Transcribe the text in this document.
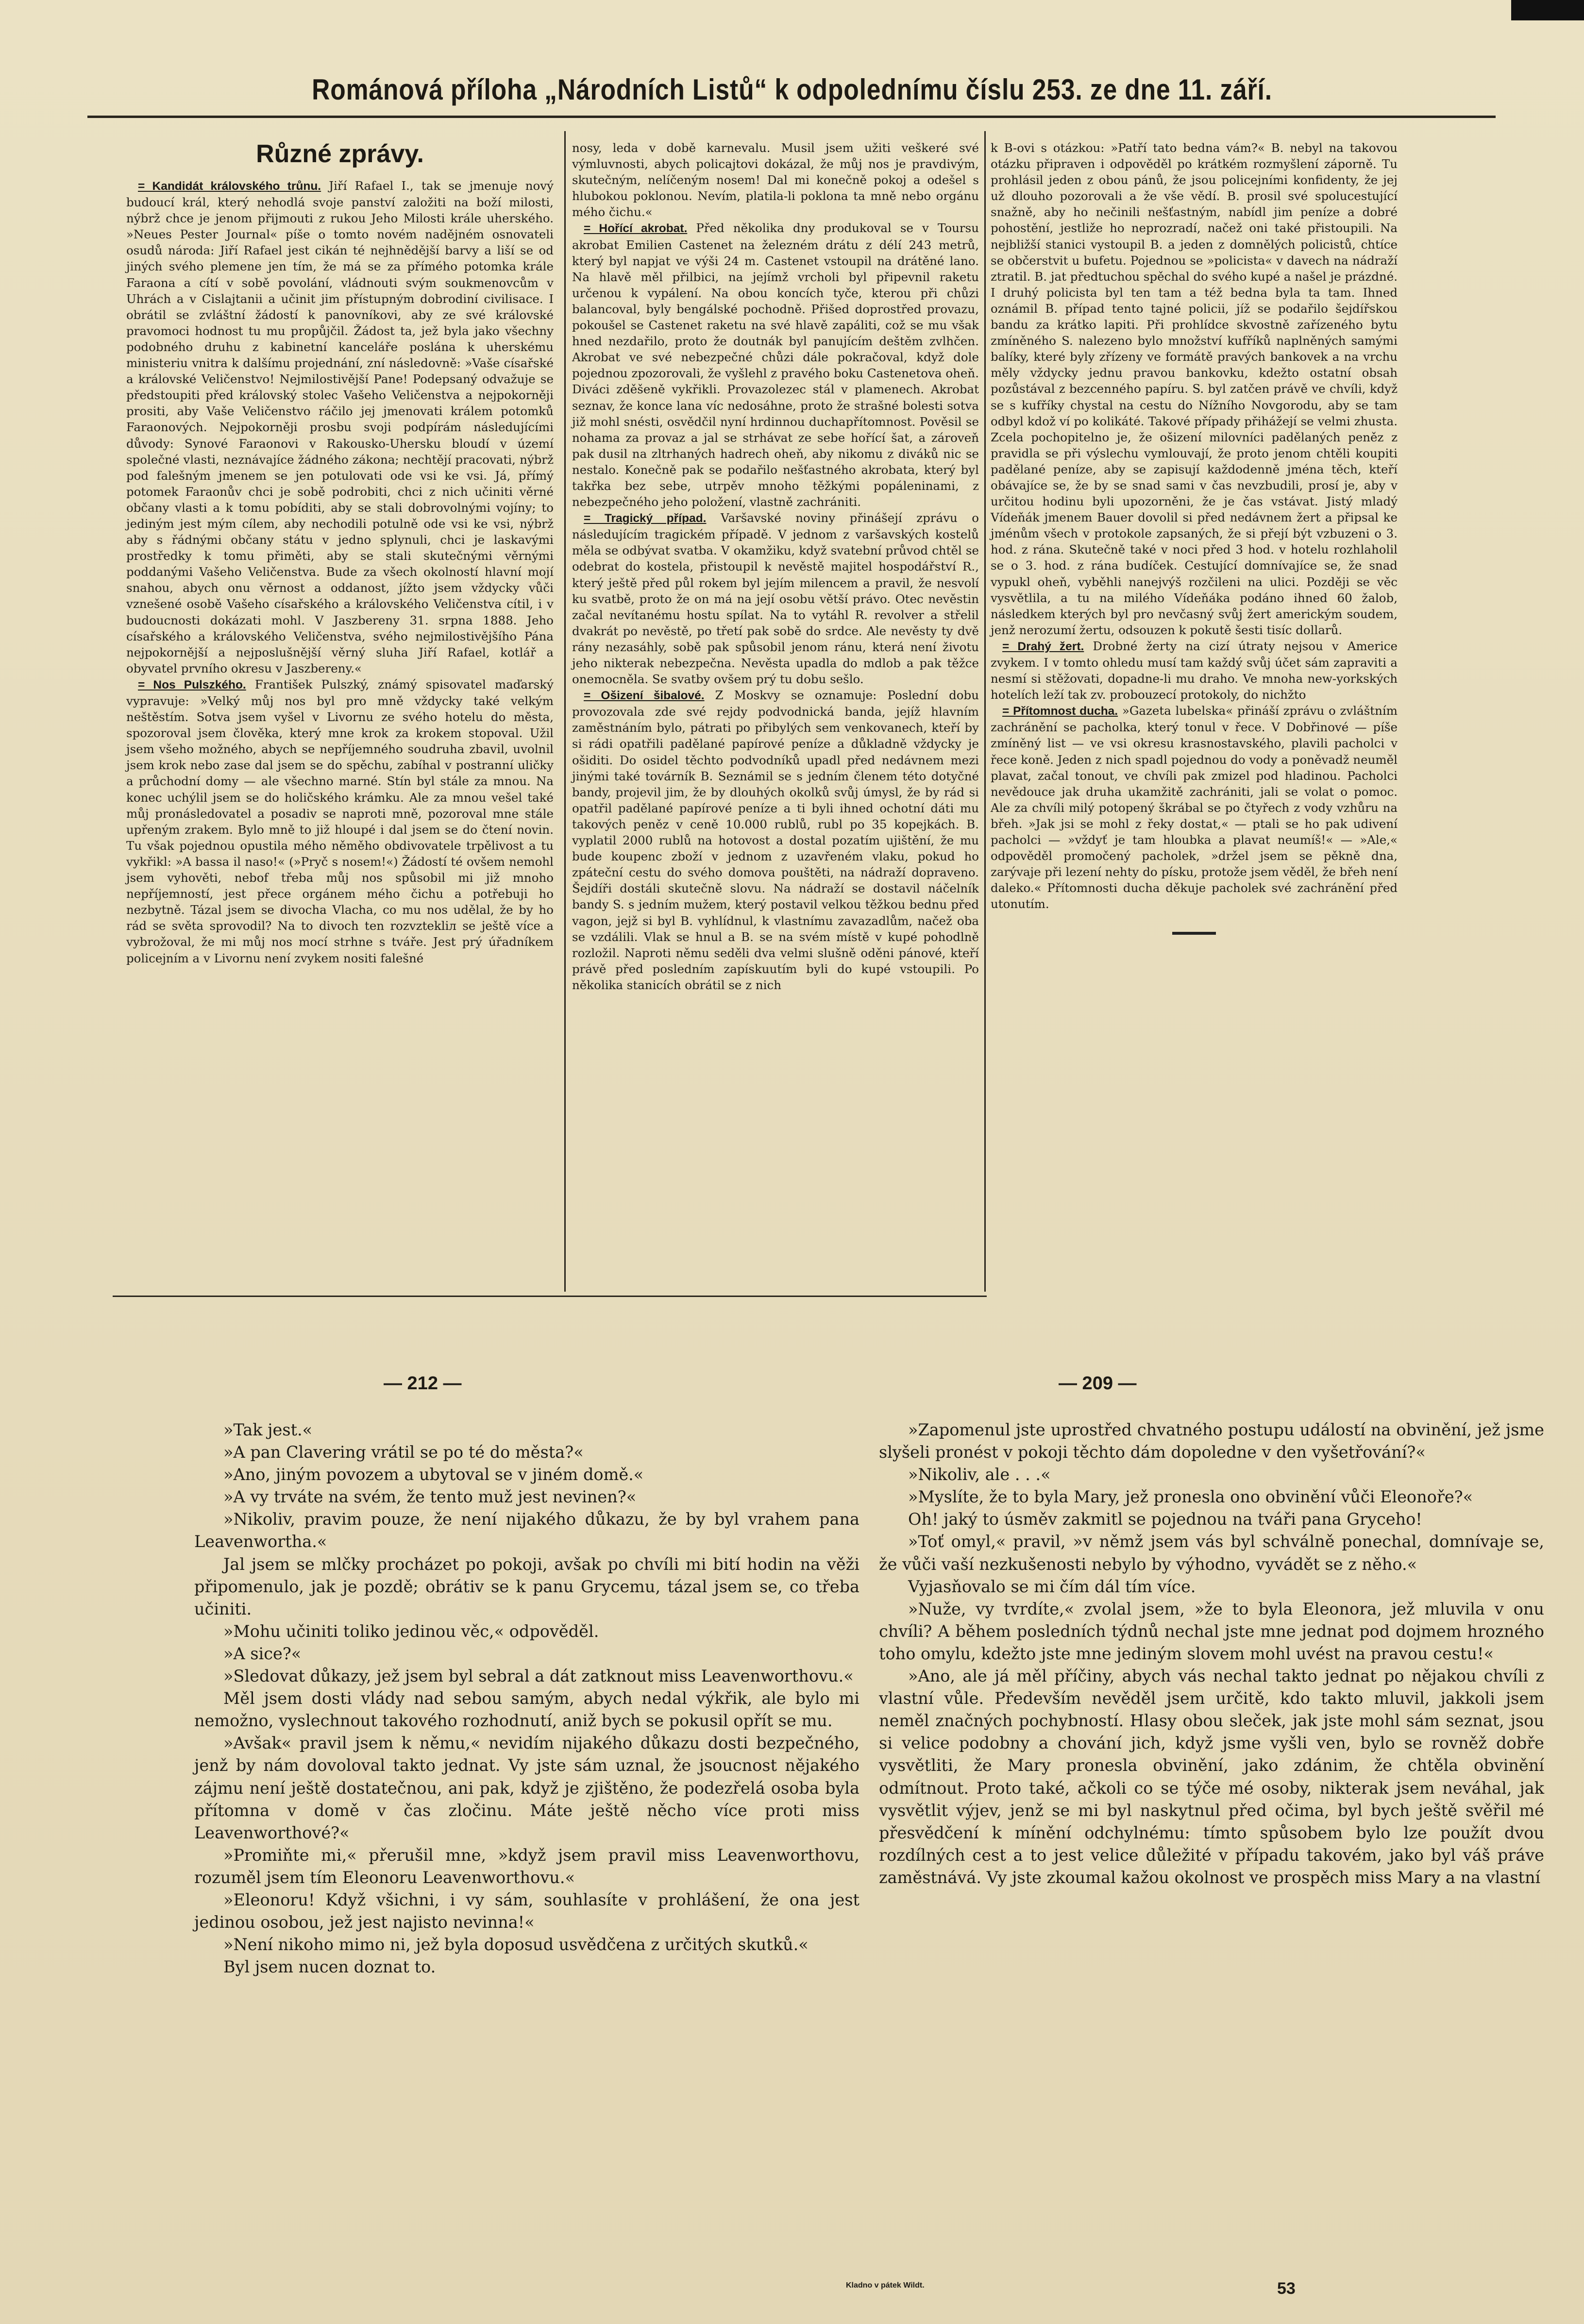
Románová příloha „Národních Listů“ k odpolednímu číslu 253. ze dne 11. září.

Různé zprávy.

= Kandidát královského trůnu. Jiří Rafael I., tak se jmenuje nový budoucí král, který nehodlá svoje panství založiti na boží milosti, nýbrž chce je jenom přijmouti z rukou Jeho Milosti krále uherského. »Neues Pester Journal« píše o tomto novém nadějném osnovateli osudů národa: Jiří Rafael jest cikán té nejhnědější barvy a liší se od jiných svého plemene jen tím, že má se za přímého potomka krále Faraona a cítí v sobě povolání, vládnouti svým soukmenovcům v Uhrách a v Cislajtanii a učinit jim přístupným dobrodiní civilisace. I obrátil se zvláštní žádostí k panovníkovi, aby ze své královské pravomoci hodnost tu mu propůjčil. Žádost ta, jež byla jako všechny podobného druhu z kabinetní kanceláře poslána k uherskému ministeriu vnitra k dalšímu projednání, zní následovně: »Vaše císařské a královské Veličenstvo! Nejmilostivější Pane! Podepsaný odvažuje se předstoupiti před královský stolec Vašeho Veličenstva a nejpokorněji prositi, aby Vaše Veličenstvo ráčilo jej jmenovati králem potomků Faraonových. Nejpokorněji prosbu svoji podpírám následujícími důvody: Synové Faraonovi v Rakousko-Uhersku bloudí v území společné vlasti, neznávajíce žádného zákona; nechtějí pracovati, nýbrž pod falešným jmenem se jen potulovati ode vsi ke vsi. Já, přímý potomek Faraonův chci je sobě podrobiti, chci z nich učiniti věrné občany vlasti a k tomu pobíditi, aby se stali dobrovolnými vojíny; to jediným jest mým cílem, aby nechodili potulně ode vsi ke vsi, nýbrž aby s řádnými občany státu v jedno splynuli, chci je laskavými prostředky k tomu přiměti, aby se stali skutečnými věrnými poddanými Vašeho Veličenstva. Bude za všech okolností hlavní mojí snahou, abych onu věrnost a oddanost, jížto jsem vždycky vůči vznešené osobě Vašeho císařského a královského Veličenstva cítil, i v budoucnosti dokázati mohl. V Jaszbereny 31. srpna 1888. Jeho císařského a královského Veličenstva, svého nejmilostivějšího Pána nejpokornější a nejposlušnější věrný sluha Jiří Rafael, kotlář a obyvatel prvního okresu v Jaszbereny.«

= Nos Pulszkého. František Pulszký, známý spisovatel maďarský vypravuje: »Velký můj nos byl pro mně vždycky také velkým neštěstím. Sotva jsem vyšel v Livornu ze svého hotelu do města, spozoroval jsem člověka, který mne krok za krokem stopoval. Užil jsem všeho možného, abych se nepříjemného soudruha zbavil, uvolnil jsem krok nebo zase dal jsem se do spěchu, zabíhal v postranní uličky a průchodní domy — ale všechno marné. Stín byl stále za mnou. Na konec uchýlil jsem se do holičského krámku. Ale za mnou vešel také můj pronásledovatel a posadiv se naproti mně, pozoroval mne stále upřeným zrakem. Bylo mně to již hloupé i dal jsem se do čtení novin. Tu však pojednou opustila mého něměho obdivovatele trpělivost a tu vykřikl: »A bassa il naso!« (»Pryč s nosem!«) Žádostí té ovšem nemohl jsem vyhověti, nebof třeba můj nos spůsobil mi již mnoho nepříjemností, jest přece orgánem mého čichu a potřebuji ho nezbytně. Tázal jsem se divocha Vlacha, co mu nos udělal, že by ho rád se světa sprovodil? Na to divoch ten rozvztekliл se ještě více a vybrožoval, že mi můj nos mocí strhne s tváře. Jest prý úřadníkem policejním a v Livornu není zvykem nositi falešné

nosy, leda v době karnevalu. Musil jsem užiti veškeré své výmluvnosti, abych policajtovi dokázal, že můj nos je pravdivým, skutečným, nelíčeným nosem! Dal mi konečně pokoj a odešel s hlubokou poklonou. Nevím, platila-li poklona ta mně nebo orgánu mého čichu.«

= Hořící akrobat. Před několika dny produkoval se v Toursu akrobat Emilien Castenet na železném drátu z délí 243 metrů, který byl napjat ve výši 24 m. Castenet vstoupil na drátěné lano. Na hlavě měl přilbici, na jejímž vrcholi byl připevnil raketu určenou k vypálení. Na obou koncích tyče, kterou při chůzi balancoval, byly bengálské pochodně. Přišed doprostřed provazu, pokoušel se Castenet raketu na své hlavě zapáliti, což se mu však hned nezdařilo, proto že doutnák byl panujícím deštěm zvlhčen. Akrobat ve své nebezpečné chůzi dále pokračoval, když dole pojednou zpozorovali, že vyšlehl z pravého boku Castenetova oheň. Diváci zděšeně vykřikli. Provazolezec stál v plamenech. Akrobat seznav, že konce lana víc nedosáhne, proto že strašné bolesti sotva již mohl snésti, osvědčil nyní hrdinnou duchapřítomnost. Pověsil se nohama za provaz a jal se strhávat ze sebe hořící šat, a zároveň pak dusil na zltrhaných hadrech oheň, aby nikomu z diváků nic se nestalo. Konečně pak se podařilo nešťastného akrobata, který byl takřka bez sebe, utrpěv mnoho těžkými popáleninami, z nebezpečného jeho položení, vlastně zachrániti.

= Tragický případ. Varšavské noviny přinášejí zprávu o následujícím tragickém případě. V jednom z varšavských kostelů měla se odbývat svatba. V okamžiku, když svatební průvod chtěl se odebrat do kostela, přistoupil k nevěstě majitel hospodářství R., který ještě před půl rokem byl jejím milencem a pravil, že nesvolí ku svatbě, proto že on má na její osobu větší právo. Otec nevěstin začal nevítanému hostu spílat. Na to vytáhl R. revolver a střelil dvakrát po nevěstě, po třetí pak sobě do srdce. Ale nevěsty ty dvě rány nezasáhly, sobě pak spůsobil jenom ránu, která není životu jeho nikterak nebezpečna. Nevěsta upadla do mdlob a pak těžce onemocněla. Se svatby ovšem prý tu dobu sešlo.

= Ošizení šibalové. Z Moskvy se oznamuje: Poslední dobu provozovala zde své rejdy podvodnická banda, jejíž hlavním zaměstnáním bylo, pátrati po přibylých sem venkovanech, kteří by si rádi opatřili padělané papírové peníze a důkladně vždycky je ošiditi. Do osidel těchto podvodníků upadl před nedávnem mezi jinými také továrník B. Seznámil se s jedním členem této dotyčné bandy, projevil jim, že by dlouhých okolků svůj úmysl, že by rád si opatřil padělané papírové peníze a ti byli ihned ochotní dáti mu takových peněz v ceně 10.000 rublů, rubl po 35 kopejkách. B. vyplatil 2000 rublů na hotovost a dostal pozatím ujištění, že mu bude koupenc zboží v jednom z uzavřeném vlaku, pokud ho zpáteční cestu do svého domova pouštěti, na nádraží dopraveno. Šejdíři dostáli skutečně slovu. Na nádraží se dostavil náčelník bandy S. s jedním mužem, který postavil velkou těžkou bednu před vagon, jejž si byl B. vyhlídnul, k vlastnímu zavazadlům, načež oba se vzdálili. Vlak se hnul a B. se na svém místě v kupé pohodlně rozložil. Naproti němu seděli dva velmi slušně oděni pánové, kteří právě před posledním zapískuutím byli do kupé vstoupili. Po několika stanicích obrátil se z nich

k B-ovi s otázkou: »Patří tato bedna vám?« B. nebyl na takovou otázku připraven i odpověděl po krátkém rozmyšlení záporně. Tu prohlásil jeden z obou pánů, že jsou policejními konfidenty, že jej už dlouho pozorovali a že vše vědí. B. prosil své spolucestující snažně, aby ho nečinili nešťastným, nabídl jim peníze a dobré pohostění, jestliže ho neprozradí, načež oni také přistoupili. Na nejbližší stanici vystoupil B. a jeden z domnělých policistů, chtíce se občerstvit u bufetu. Pojednou se »policista« v davech na nádraží ztratil. B. jat předtuchou spěchal do svého kupé a našel je prázdné. I druhý policista byl ten tam a též bedna byla ta tam. Ihned oznámil B. případ tento tajné policii, jíž se podařilo šejdířskou bandu za krátko lapiti. Při prohlídce skvostně zařízeného bytu zmíněného S. nalezeno bylo množství kufříků naplněných samými balíky, které byly zřízeny ve formátě pravých bankovek a na vrchu měly vždycky jednu pravou bankovku, kdežto ostatní obsah pozůstával z bezcenného papíru. S. byl zatčen právě ve chvíli, když se s kufříky chystal na cestu do Nížního Novgorodu, aby se tam odbyl kdož ví po kolikáté. Takové případy přihážejí se velmi zhusta. Zcela pochopitelno je, že ošizení milovníci padělaných peněz z pravidla se při výslechu vymlouvají, že proto jenom chtěli koupiti padělané peníze, aby se zapisují každodenně jména těch, kteří obávajíce se, že by se snad sami v čas nevzbudili, prosí je, aby v určitou hodinu byli upozorněni, že je čas vstávat. Jistý mladý Vídeňák jmenem Bauer dovolil si před nedávnem žert a připsal ke jménům všech v protokole zapsaných, že si přejí být vzbuzeni o 3. hod. z rána. Skutečně také v noci před 3 hod. v hotelu rozhlaholil se o 3. hod. z rána budíček. Cestující domnívajíce se, že snad vypukl oheň, vyběhli nanejvýš rozčileni na ulici. Později se věc vysvětlila, a tu na milého Vídeňáka podáno ihned 60 žalob, následkem kterých byl pro nevčasný svůj žert americkým soudem, jenž nerozumí žertu, odsouzen k pokutě šesti tisíc dollarů.

= Drahý žert. Drobné žerty na cizí útraty nejsou v Americe zvykem. I v tomto ohledu musí tam každý svůj účet sám zapraviti a nesmí si stěžovati, dopadne-li mu draho. Ve mnoha new-yorkských hotelích leží tak zv. probouzecí protokoly, do nichžto

= Přítomnost ducha. »Gazeta lubelska« přináší zprávu o zvláštním zachránění se pacholka, který tonul v řece. V Dobřinové — píše zmíněný list — ve vsi okresu krasnostavského, plavili pacholci v řece koně. Jeden z nich spadl pojednou do vody a poněvadž neuměl plavat, začal tonout, ve chvíli pak zmizel pod hladinou. Pacholci nevědouce jak druha ukamžitě zachrániti, jali se volat o pomoc. Ale za chvíli milý potopený škrábal se po čtyřech z vody vzhůru na břeh. »Jak jsi se mohl z řeky dostat,« — ptali se ho pak udivení pacholci — »vždyť je tam hloubka a plavat neumíš!« — »Ale,« odpověděl promočený pacholek, »držel jsem se pěkně dna, zarývaje při lezení nehty do písku, protože jsem věděl, že břeh není daleko.« Přítomnosti duchа děkuje pacholek své zachránění před utonutím.

— 212 —	— 209 —

»Tak jest.«

»A pan Clavering vrátil se po té do města?«

»Ano, jiným povozem a ubytoval se v jiném domě.«

»A vy trváte na svém, že tento muž jest nevinen?«

»Nikoliv, pravim pouze, že není nijakého důkazu, že by byl vrahem pana Leavenwortha.«

Jal jsem se mlčky procházet po pokoji, avšak po chvíli mi bití hodin na věži připomenulo, jak je pozdě; obrátiv se k panu Grycemu, tázal jsem se, co třeba učiniti.

»Mohu učiniti toliko jedinou věc,« odpověděl.

»A sice?«

»Sledovat důkazy, jež jsem byl sebral a dát zatknout miss Leavenworthovu.«

Měl jsem dosti vlády nad sebou samým, abych nedal výkřik, ale bylo mi nemožno, vyslechnout takového rozhodnutí, aniž bych se pokusil opřít se mu.

»Avšak« pravil jsem k němu,« nevidím nijakého důkazu dosti bezpečného, jenž by nám dovoloval takto jednat. Vy jste sám uznal, že jsoucnost nějakého zájmu není ještě dostatečnou, ani pak, když je zjištěno, že podezřelá osoba byla přítomna v domě v čas zločinu. Máte ještě něcho více proti miss Leavenworthové?«

»Promiňte mi,« přerušil mne, »když jsem pravil miss Leavenworthovu, rozuměl jsem tím Eleonoru Leavenworthovu.«

»Eleonoru! Když všichni, i vy sám, souhlasíte v prohlášení, že ona jest jedinou osobou, jež jest najisto nevinna!«

»Není nikoho mimo ni, jež byla doposud usvědčena z určitých skutků.«

Byl jsem nucen doznat to.

»Zapomenul jste uprostřed chvatného postupu událostí na obvinění, jež jsme slyšeli pronést v pokoji těchto dám dopoledne v den vyšetřování?«

»Nikoliv, ale . . .«

»Myslíte, že to byla Mary, jež pronesla ono obvinění vůči Eleonoře?«

Oh! jaký to úsměv zakmitl se pojednou na tváři pana Gryceho!

»Toť omyl,« pravil, »v němž jsem vás byl schválně ponechal, domnívaje se, že vůči vaší nezkušenosti nebylo by výhodno, vyvádět se z něho.«

Vyjasňovalo se mi čím dál tím více.

»Nuže, vy tvrdíte,« zvolal jsem, »že to byla Eleonora, jež mluvila v onu chvíli? A během posledních týdnů nechal jste mne jednat pod dojmem hrozného toho omylu, kdežto jste mne jediným slovem mohl uvést na pravou cestu!«

»Ano, ale já měl příčiny, abych vás nechal takto jednat po nějakou chvíli z vlastní vůle. Především nevěděl jsem určitě, kdo takto mluvil, jakkoli jsem neměl značných pochybností. Hlasy obou sleček, jak jste mohl sám seznat, jsou si velice podobny a chování jich, když jsme vyšli ven, bylo se rovněž dobře vysvětliti, že Mary pronesla obvinění, jako zdánim, že chtěla obvinění odmítnout. Proto také, ačkoli co se týče mé osoby, nikterak jsem neváhal, jak vysvětlit výjev, jenž se mi byl naskytnul před očima, byl bych ještě svěřil mé přesvědčení k mínění odchylnému: tímto spůsobem bylo lze použít dvou rozdílných cest a to jest velice důležité v případu takovém, jako byl váš práve zaměstnává. Vy jste zkoumal kažou okolnost ve prospěch miss Mary a na vlastní

Kladno v pátek Wildt.	53
